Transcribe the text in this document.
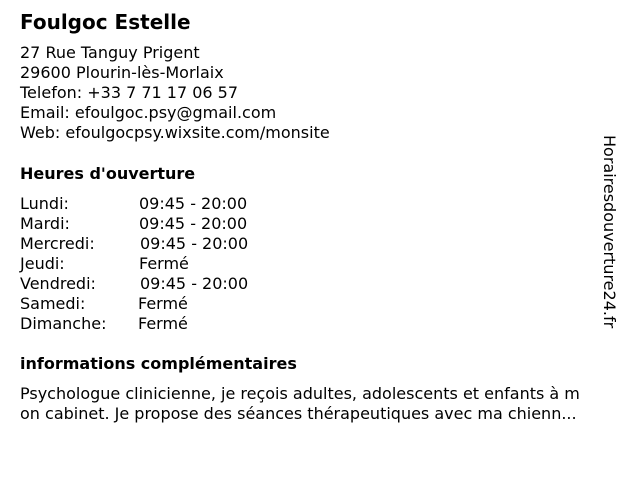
Foulgoc Estelle
27 Rue Tanguy Prigent
29600 Plourin-lès-Morlaix
Telefon: +33 7 71 17 06 57
Email: efoulgoc.psy@gmail.com
Web: efoulgocpsy.wixsite.com/monsite
Heures d'ouverture
Lundi:	09:45 - 20:00
Mardi:	09:45 - 20:00
Mercredi:	09:45 - 20:00
Jeudi:	Fermé
Vendredi:	09:45 - 20:00
Samedi:	Fermé
Dimanche: Fermé
informations complémentaires
Psychologue clinicienne, je reçois adultes, adolescents et enfants à m
on cabinet. Je propose des séances thérapeutiques avec ma chienn...
Horairesdouverture24.fr
